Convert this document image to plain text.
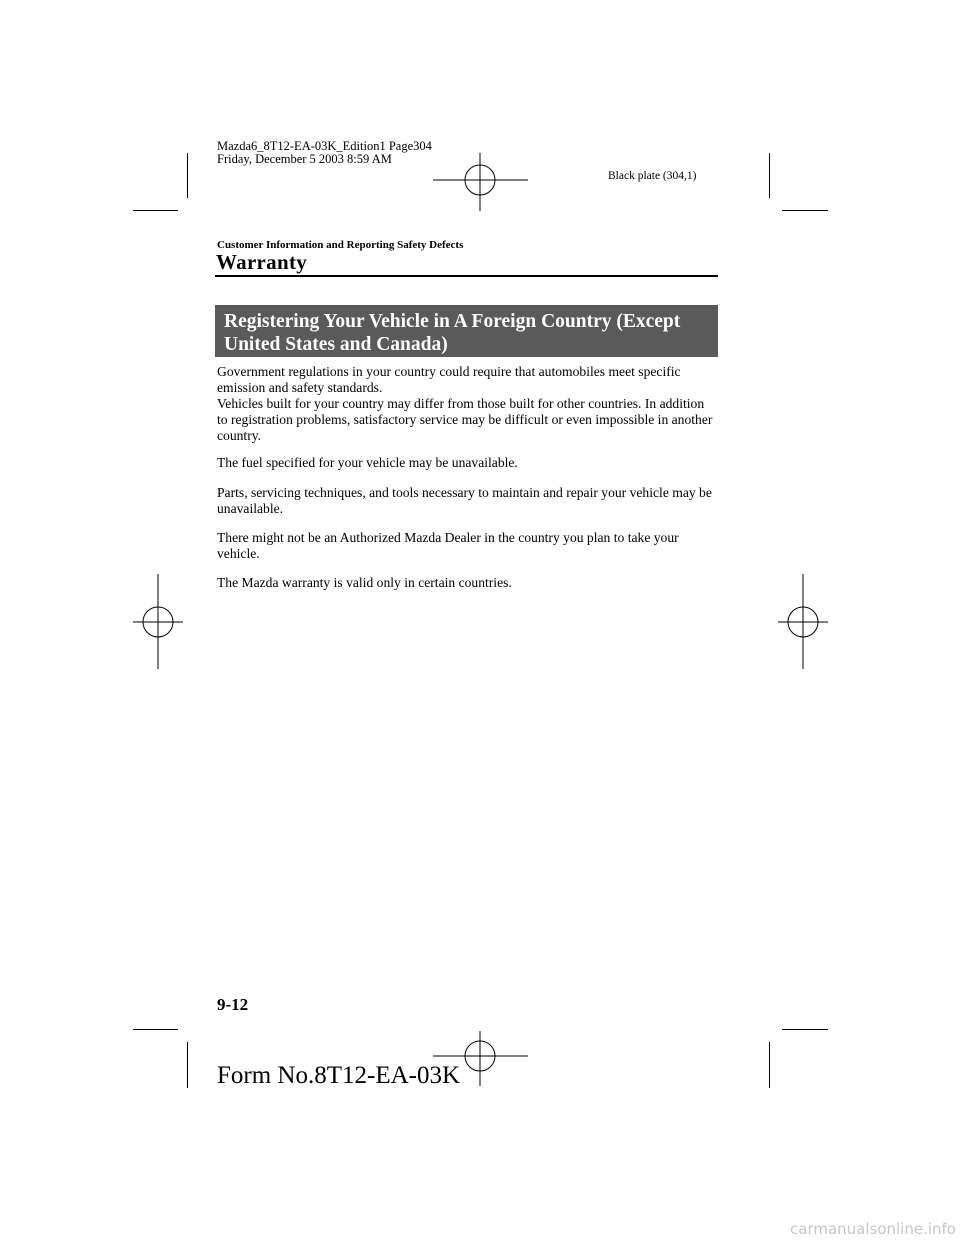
Mazda6_8T12-EA-03K_Edition1 Page304
Friday, December 5 2003 8:59 AM
Black plate (304,1)
Customer Information and Reporting Safety Defects
Warranty
Registering Your Vehicle in A Foreign Country (Except
United States and Canada)
Government regulations in your country could require that automobiles meet specific
emission and safety standards.
Vehicles built for your country may differ from those built for other countries. In addition
to registration problems, satisfactory service may be difficult or even impossible in another
country.
The fuel specified for your vehicle may be unavailable.
Parts, servicing techniques, and tools necessary to maintain and repair your vehicle may be
unavailable.
There might not be an Authorized Mazda Dealer in the country you plan to take your
vehicle.
The Mazda warranty is valid only in certain countries.
9-12
Form No.8T12-EA-03K
carmanualsonline.info
